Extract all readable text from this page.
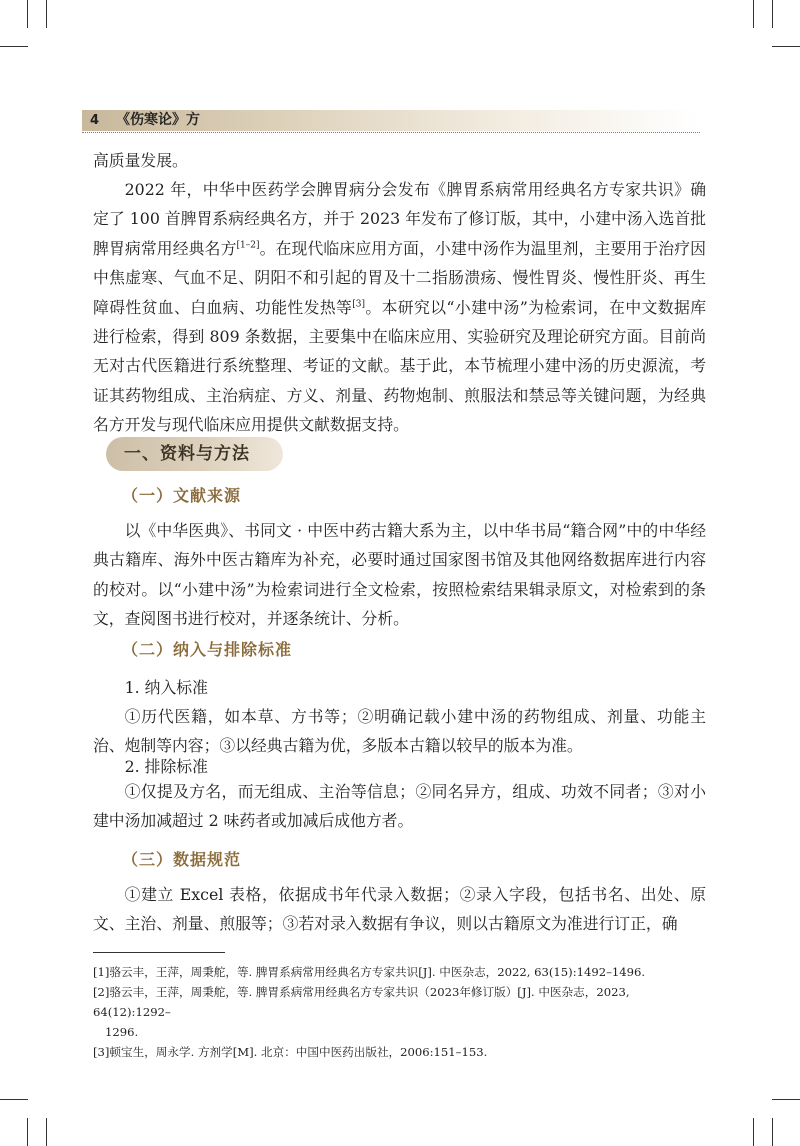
4	《伤寒论》方

高质量发展。

2022 年，中华中医药学会脾胃病分会发布《脾胃系病常用经典名方专家共识》确定了 100 首脾胃系病经典名方，并于 2023 年发布了修订版，其中，小建中汤入选首批脾胃病常用经典名方[1–2]。在现代临床应用方面，小建中汤作为温里剂，主要用于治疗因中焦虚寒、气血不足、阴阳不和引起的胃及十二指肠溃疡、慢性胃炎、慢性肝炎、再生障碍性贫血、白血病、功能性发热等[3]。本研究以“小建中汤”为检索词，在中文数据库进行检索，得到 809 条数据，主要集中在临床应用、实验研究及理论研究方面。目前尚无对古代医籍进行系统整理、考证的文献。基于此，本节梳理小建中汤的历史源流，考证其药物组成、主治病症、方义、剂量、药物炮制、煎服法和禁忌等关键问题，为经典名方开发与现代临床应用提供文献数据支持。

一、资料与方法
（一）文献来源

以《中华医典》、书同文 · 中医中药古籍大系为主，以中华书局“籍合网”中的中华经典古籍库、海外中医古籍库为补充，必要时通过国家图书馆及其他网络数据库进行内容的校对。以“小建中汤”为检索词进行全文检索，按照检索结果辑录原文，对检索到的条文，查阅图书进行校对，并逐条统计、分析。

（二）纳入与排除标准

1. 纳入标准

①历代医籍，如本草、方书等；②明确记载小建中汤的药物组成、剂量、功能主治、炮制等内容；③以经典古籍为优，多版本古籍以较早的版本为准。

2. 排除标准

①仅提及方名，而无组成、主治等信息；②同名异方，组成、功效不同者；③对小建中汤加减超过 2 味药者或加减后成他方者。

（三）数据规范

①建立 Excel 表格，依据成书年代录入数据；②录入字段，包括书名、出处、原文、主治、剂量、煎服等；③若对录入数据有争议，则以古籍原文为准进行订正，确

[1]骆云丰，王萍，周秉舵，等. 脾胃系病常用经典名方专家共识[J]. 中医杂志，2022, 63(15):1492–1496.

[2]骆云丰，王萍，周秉舵，等. 脾胃系病常用经典名方专家共识（2023年修订版）[J]. 中医杂志，2023, 64(12):1292–

1296.

[3]顿宝生，周永学. 方剂学[M]. 北京：中国中医药出版社，2006:151–153.
